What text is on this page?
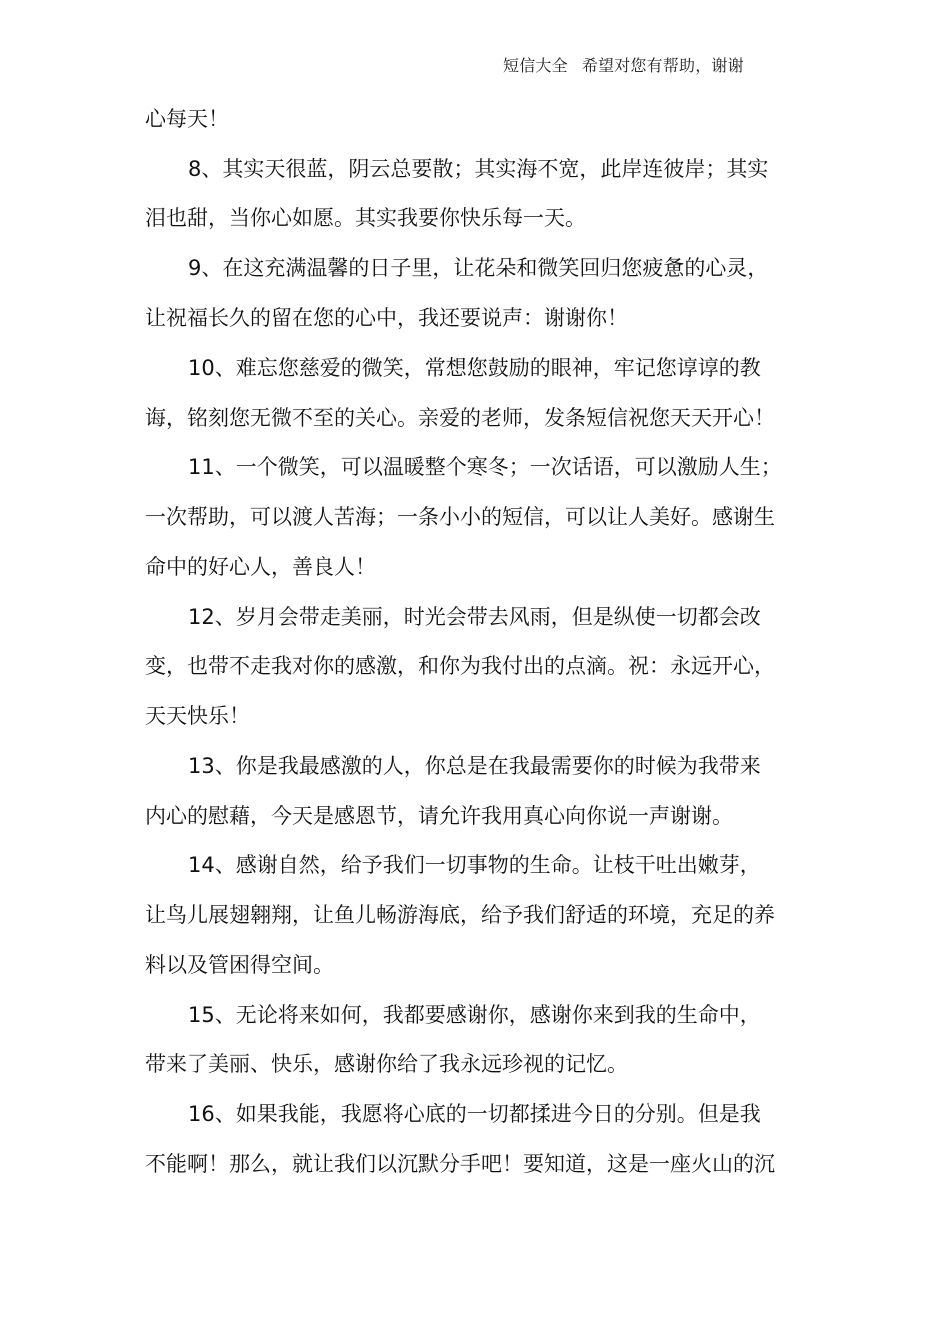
短信大全 希望对您有帮助，谢谢
心每天！
8、其实天很蓝，阴云总要散；其实海不宽，此岸连彼岸；其实
泪也甜，当你心如愿。其实我要你快乐每一天。
9、在这充满温馨的日子里，让花朵和微笑回归您疲惫的心灵，
让祝福长久的留在您的心中，我还要说声：谢谢你！
10、难忘您慈爱的微笑，常想您鼓励的眼神，牢记您谆谆的教
诲，铭刻您无微不至的关心。亲爱的老师，发条短信祝您天天开心！
11、一个微笑，可以温暖整个寒冬；一次话语，可以激励人生；
一次帮助，可以渡人苦海；一条小小的短信，可以让人美好。感谢生
命中的好心人，善良人！
12、岁月会带走美丽，时光会带去风雨，但是纵使一切都会改
变，也带不走我对你的感激，和你为我付出的点滴。祝：永远开心，
天天快乐！
13、你是我最感激的人，你总是在我最需要你的时候为我带来
内心的慰藉，今天是感恩节，请允许我用真心向你说一声谢谢。
14、感谢自然，给予我们一切事物的生命。让枝干吐出嫩芽，
让鸟儿展翅翱翔，让鱼儿畅游海底，给予我们舒适的环境，充足的养
料以及管困得空间。
15、无论将来如何，我都要感谢你，感谢你来到我的生命中，
带来了美丽、快乐，感谢你给了我永远珍视的记忆。
16、如果我能，我愿将心底的一切都揉进今日的分别。但是我
不能啊！那么，就让我们以沉默分手吧！要知道，这是一座火山的沉
